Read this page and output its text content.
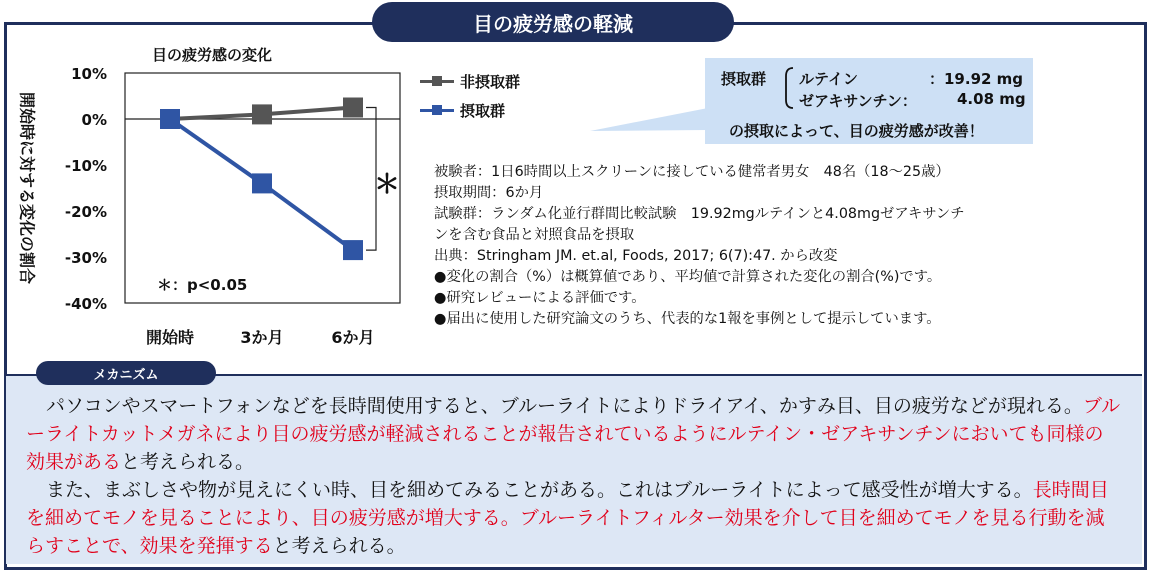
目の疲労感の軽減
目の疲労感の変化
開始時に対する変化の割合
10%
0%
-10%
-20%
-30%
-40%
開始時	3か月	6か月
＊
＊：p<0.05
非摂取群
摂取群
摂取群 ルテイン	：19.92 mg
ゼアキサンチン：	4.08 mg
の摂取によって、目の疲労感が改善！
被験者：1日6時間以上スクリーンに接している健常者男女　48名（18～25歳）
摂取期間：6か月
試験群：ランダム化並行群間比較試験　19.92mgルテインと4.08mgゼアキサンチ
ンを含む食品と対照食品を摂取
出典：Stringham JM. et.al, Foods, 2017; 6(7):47. から改変
●変化の割合（%）は概算値であり、平均値で計算された変化の割合(%)です。
●研究レビューによる評価です。
●届出に使用した研究論文のうち、代表的な1報を事例として提示しています。
メカニズム

パソコンやスマートフォンなどを長時間使用すると、ブルーライトによりドライアイ、かすみ目、目の疲労などが現れる。ブルーライトカットメガネにより目の疲労感が軽減されることが報告されているようにルテイン・ゼアキサンチンにおいても同様の効果があると考えられる。

また、まぶしさや物が見えにくい時、目を細めてみることがある。これはブルーライトによって感受性が増大する。長時間目を細めてモノを見ることにより、目の疲労感が増大する。ブルーライトフィルター効果を介して目を細めてモノを見る行動を減らすことで、効果を発揮すると考えられる。
